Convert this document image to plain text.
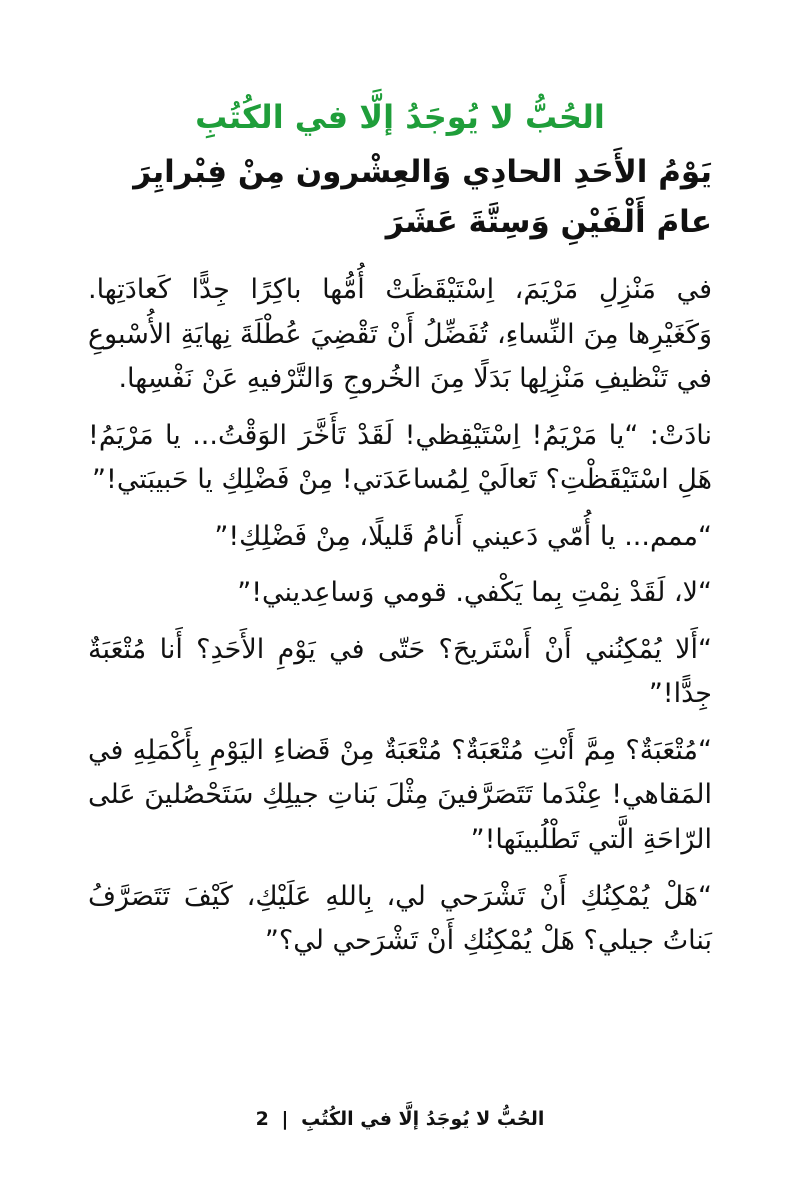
الحُبُّ لا يُوجَدُ إلَّا في الكُتُبِ
يَوْمُ الأَحَدِ الحادِي وَالعِشْرون مِنْ فِبْرايِرَ عامَ أَلْفَيْنِ وَسِتَّةَ عَشَرَ

في مَنْزِلِ مَرْيَمَ، اِسْتَيْقَظَتْ أُمُّها باكِرًا جِدًّا كَعادَتِها. وَكَغَيْرِها مِنَ النِّساءِ، تُفَضِّلُ أَنْ تَقْضِيَ عُطْلَةَ نِهايَةِ الأُسْبوعِ في تَنْظيفِ مَنْزِلِها بَدَلًا مِنَ الخُروجِ وَالتَّرْفيهِ عَنْ نَفْسِها.

نادَتْ: “يا مَرْيَمُ! اِسْتَيْقِظي! لَقَدْ تَأَخَّرَ الوَقْتُ... يا مَرْيَمُ! هَلِ اسْتَيْقَظْتِ؟ تَعالَيْ لِمُساعَدَتي! مِنْ فَضْلِكِ يا حَبيبَتي!”

“ممم... يا أُمّي دَعيني أَنامُ قَليلًا، مِنْ فَضْلِكِ!”

“لا، لَقَدْ نِمْتِ بِما يَكْفي. قومي وَساعِديني!”

“أَلا يُمْكِنُني أَنْ أَسْتَريحَ؟ حَتّى في يَوْمِ الأَحَدِ؟ أَنا مُتْعَبَةٌ جِدًّا!”

“مُتْعَبَةٌ؟ مِمَّ أَنْتِ مُتْعَبَةٌ؟ مُتْعَبَةٌ مِنْ قَضاءِ اليَوْمِ بِأَكْمَلِهِ في المَقاهي! عِنْدَما تَتَصَرَّفينَ مِثْلَ بَناتِ جيلِكِ سَتَحْصُلينَ عَلى الرّاحَةِ الَّتي تَطْلُبينَها!”

“هَلْ يُمْكِنُكِ أَنْ تَشْرَحي لي، بِاللهِ عَلَيْكِ، كَيْفَ تَتَصَرَّفُ بَناتُ جيلي؟ هَلْ يُمْكِنُكِ أَنْ تَشْرَحي لي؟”

الحُبُّ لا يُوجَدُ إلَّا في الكُتُبِ | 2
